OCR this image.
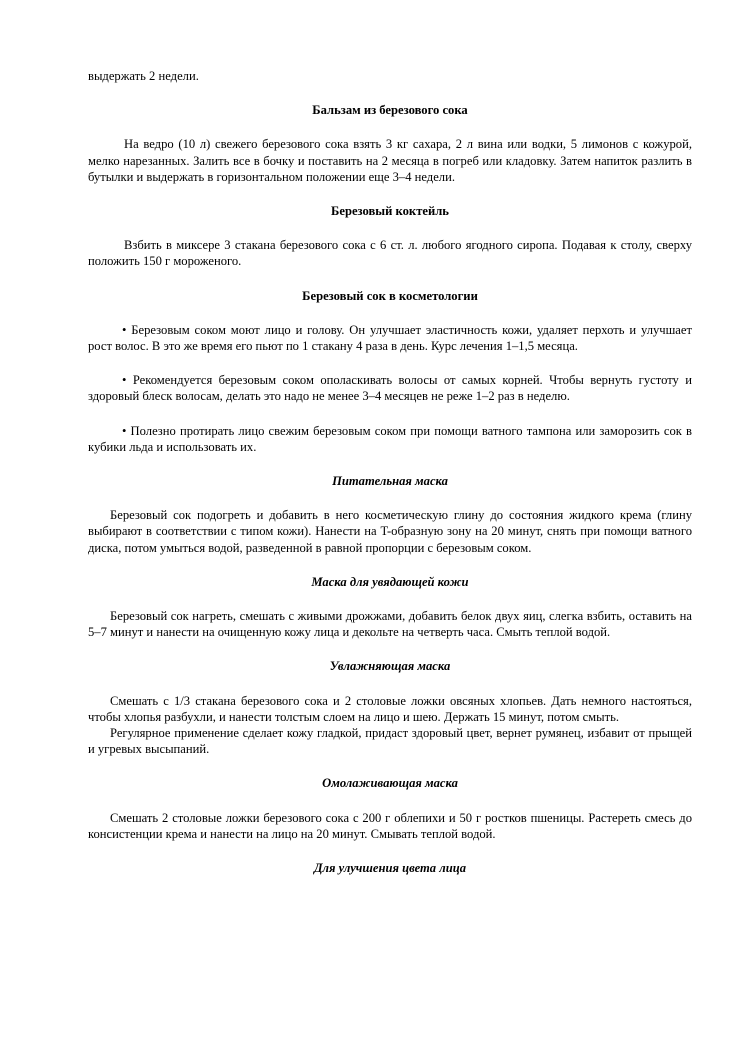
выдержать 2 недели.

Бальзам из березового сока

На ведро (10 л) свежего березового сока взять 3 кг сахара, 2 л вина или водки, 5 лимонов с кожурой, мелко нарезанных. Залить все в бочку и поставить на 2 месяца в погреб или кладовку. Затем напиток разлить в бутылки и выдержать в горизонтальном положении еще 3–4 недели.

Березовый коктейль

Взбить в миксере 3 стакана березового сока с 6 ст. л. любого ягодного сиропа. Подавая к столу, сверху положить 150 г мороженого.

Березовый сок в косметологии

• Березовым соком моют лицо и голову. Он улучшает эластичность кожи, удаляет перхоть и улучшает рост волос. В это же время его пьют по 1 стакану 4 раза в день. Курс лечения 1–1,5 месяца.

• Рекомендуется березовым соком ополаскивать волосы от самых корней. Чтобы вернуть густоту и здоровый блеск волосам, делать это надо не менее 3–4 месяцев не реже 1–2 раз в неделю.

• Полезно протирать лицо свежим березовым соком при помощи ватного тампона или заморозить сок в кубики льда и использовать их.

Питательная маска

Березовый сок подогреть и добавить в него косметическую глину до состояния жидкого крема (глину выбирают в соответствии с типом кожи). Нанести на T-образную зону на 20 минут, снять при помощи ватного диска, потом умыться водой, разведенной в равной пропорции с березовым соком.

Маска для увядающей кожи

Березовый сок нагреть, смешать с живыми дрожжами, добавить белок двух яиц, слегка взбить, оставить на 5–7 минут и нанести на очищенную кожу лица и декольте на четверть часа. Смыть теплой водой.

Увлажняющая маска

Смешать с 1/3 стакана березового сока и 2 столовые ложки овсяных хлопьев. Дать немного настояться, чтобы хлопья разбухли, и нанести толстым слоем на лицо и шею. Держать 15 минут, потом смыть.

Регулярное применение сделает кожу гладкой, придаст здоровый цвет, вернет румянец, избавит от прыщей и угревых высыпаний.

Омолаживающая маска

Смешать 2 столовые ложки березового сока с 200 г облепихи и 50 г ростков пшеницы. Растереть смесь до консистенции крема и нанести на лицо на 20 минут. Смывать теплой водой.

Для улучшения цвета лица
